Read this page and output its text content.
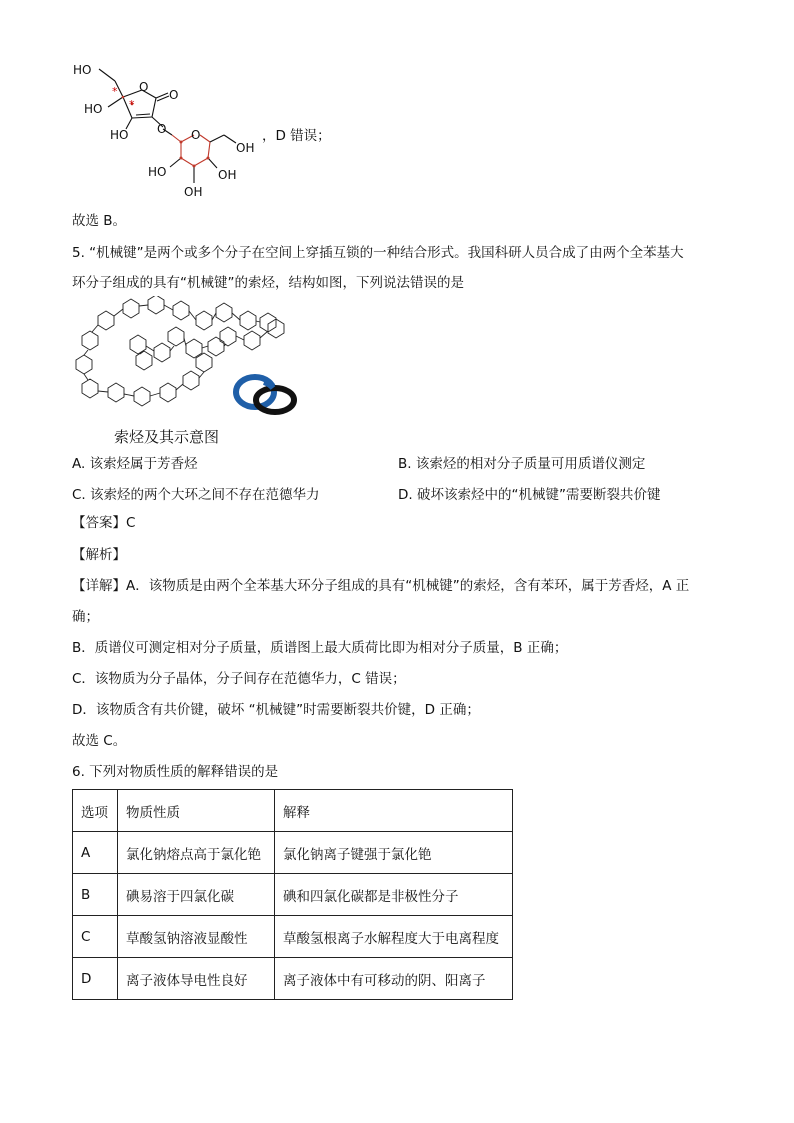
HO
HO
O
O
HO O O
OH
HO	OH
OH
*
*
，D 错误；
故选 B。
5. “机械键”是两个或多个分子在空间上穿插互锁的一种结合形式。我国科研人员合成了由两个全苯基大
环分子组成的具有“机械键”的索烃，结构如图，下列说法错误的是
索烃及其示意图
A. 该索烃属于芳香烃	B. 该索烃的相对分子质量可用质谱仪测定
C. 该索烃的两个大环之间不存在范德华力	D. 破坏该索烃中的“机械键”需要断裂共价键
【答案】C
【解析】
【详解】A．该物质是由两个全苯基大环分子组成的具有“机械键”的索烃，含有苯环，属于芳香烃，A 正
确；
B．质谱仪可测定相对分子质量，质谱图上最大质荷比即为相对分子质量，B 正确；
C．该物质为分子晶体，分子间存在范德华力，C 错误；
D．该物质含有共价键，破坏 “机械键”时需要断裂共价键，D 正确；
故选 C。
6. 下列对物质性质的解释错误的是
选项	物质性质	解释
A	氯化钠熔点高于氯化铯	氯化钠离子键强于氯化铯
B	碘易溶于四氯化碳	碘和四氯化碳都是非极性分子
C	草酸氢钠溶液显酸性	草酸氢根离子水解程度大于电离程度
D	离子液体导电性良好	离子液体中有可移动的阴、阳离子
